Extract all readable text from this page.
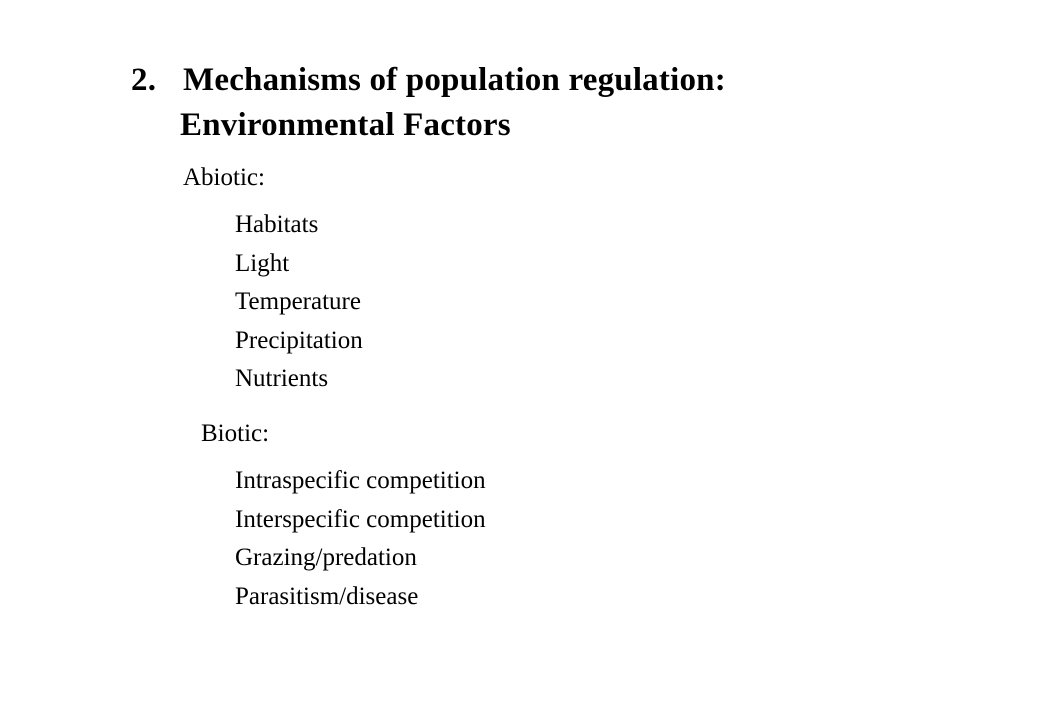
2. Mechanisms of population regulation:
Environmental Factors
Abiotic:
Habitats
Light
Temperature
Precipitation
Nutrients
Biotic:
Intraspecific competition
Interspecific competition
Grazing/predation
Parasitism/disease
